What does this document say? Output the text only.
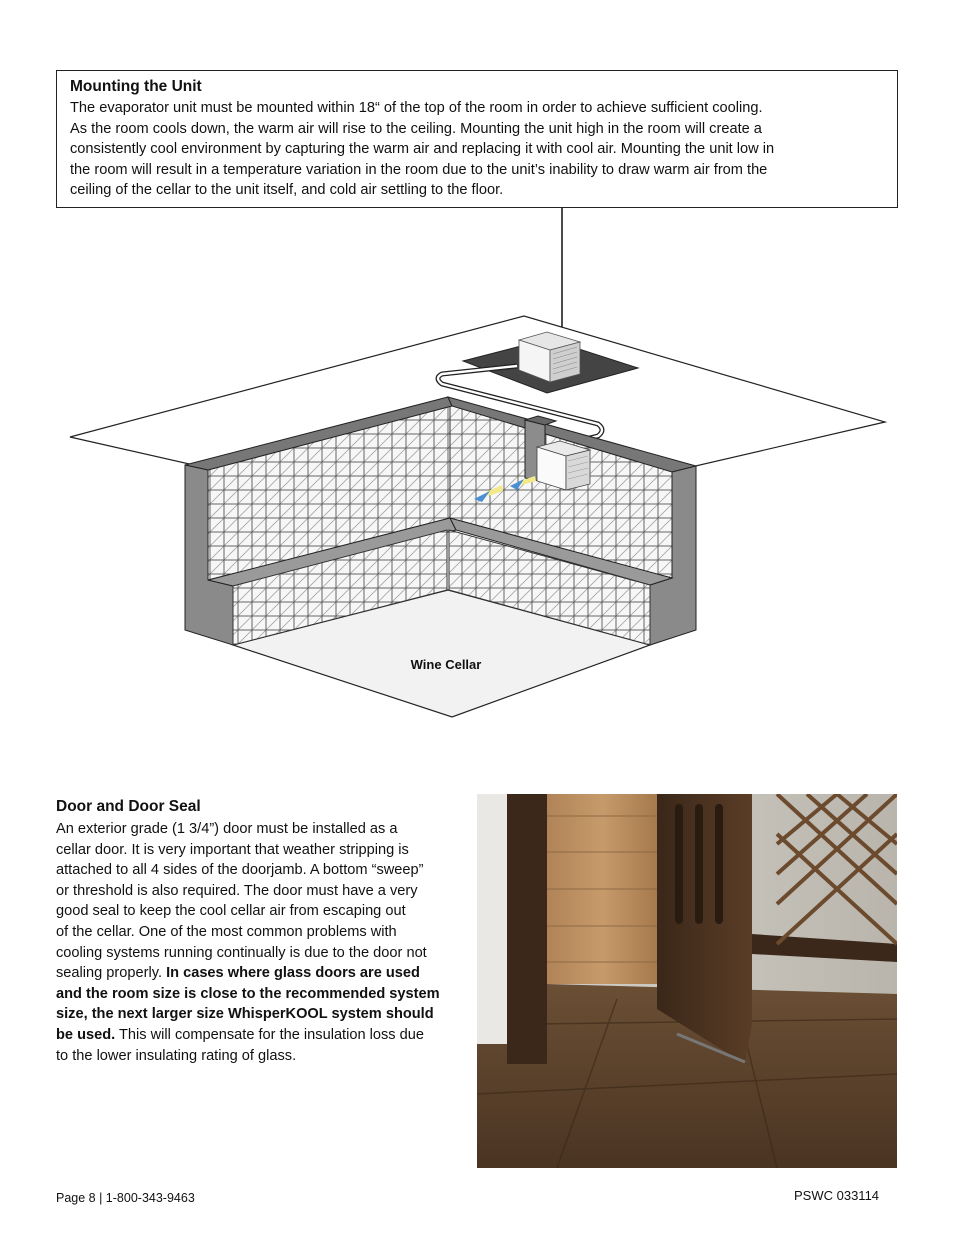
Mounting the Unit

The evaporator unit must be mounted within 18“ of the top of the room in order to achieve sufficient cooling.
As the room cools down, the warm air will rise to the ceiling. Mounting the unit high in the room will create a
consistently cool environment by capturing the warm air and replacing it with cool air. Mounting the unit low in
the room will result in a temperature variation in the room due to the unit’s inability to draw warm air from the
ceiling of the cellar to the unit itself, and cold air settling to the floor.

Wine Cellar
Door and Door Seal
An exterior grade (1 3/4”) door must be installed as a
cellar door. It is very important that weather stripping is
attached to all 4 sides of the doorjamb. A bottom “sweep”
or threshold is also required. The door must have a very
good seal to keep the cool cellar air from escaping out
of the cellar. One of the most common problems with
cooling systems running continually is due to the door not
sealing properly. In cases where glass doors are used
and the room size is close to the recommended system
size, the next larger size WhisperKOOL system should
be used. This will compensate for the insulation loss due
to the lower insulating rating of glass.
Page 8 | 1-800-343-9463	PSWC 033114
